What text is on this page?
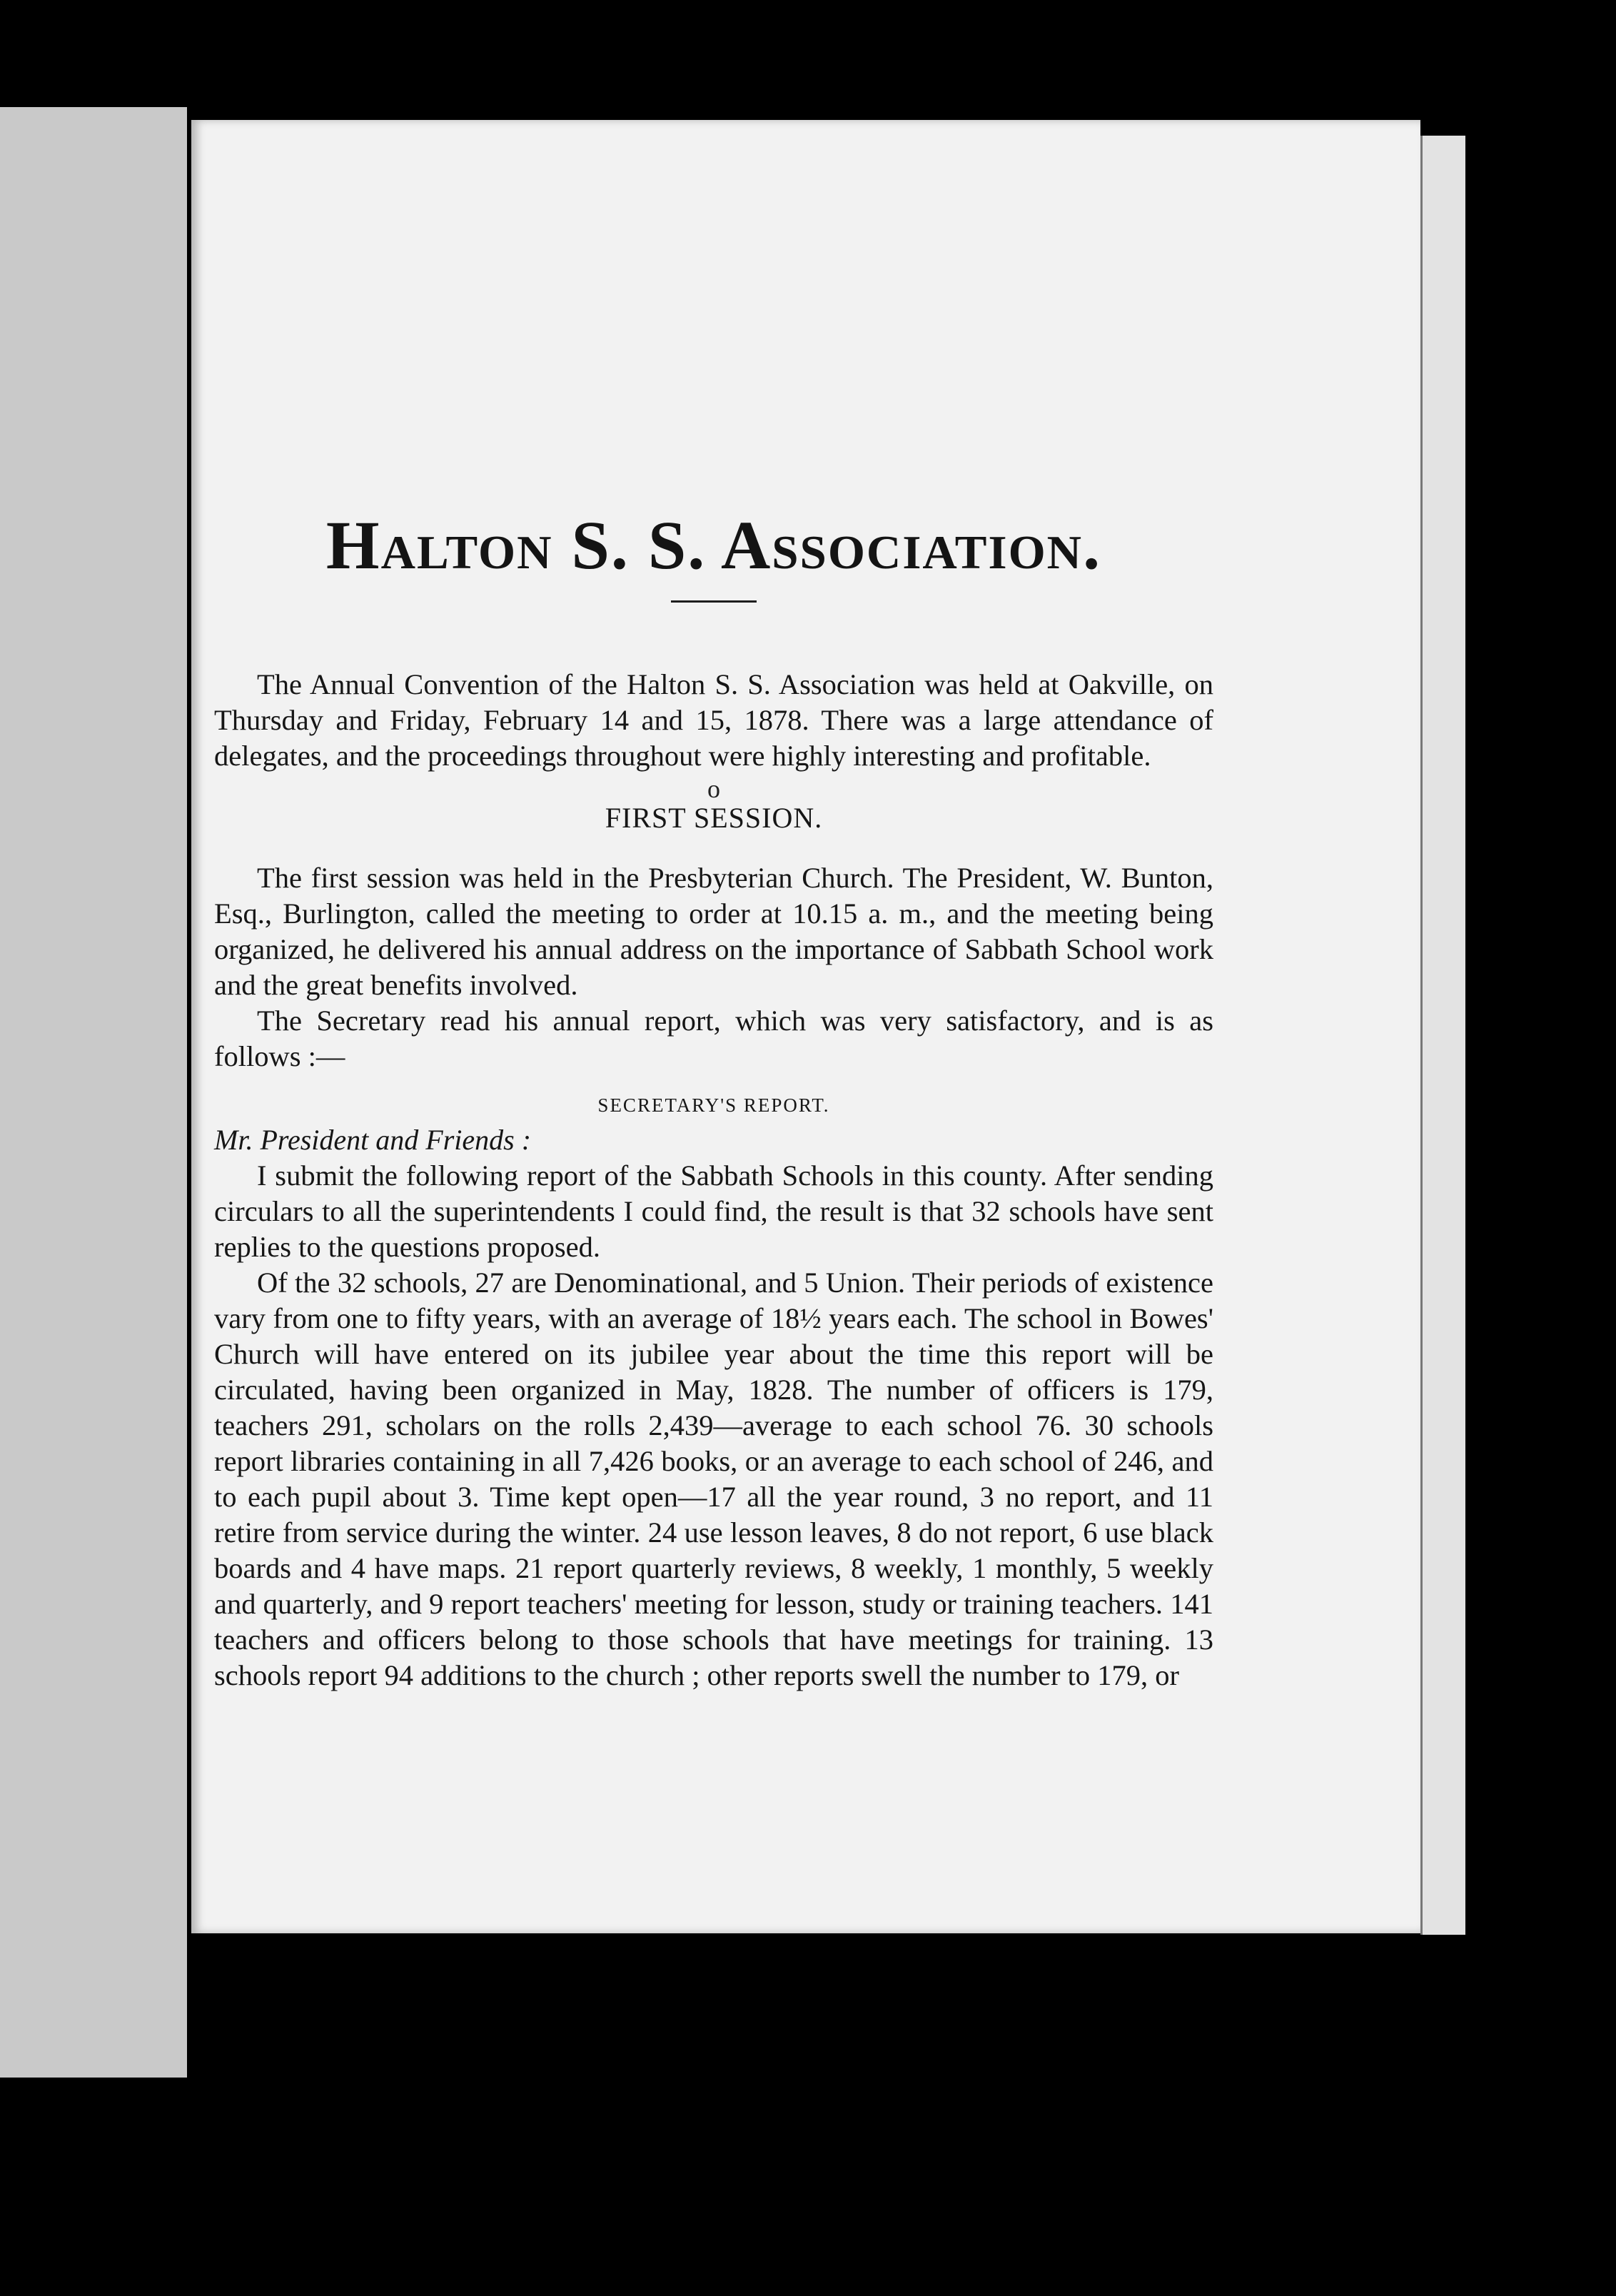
Halton S. S. Association.

The Annual Convention of the Halton S. S. Association was held at Oakville, on Thursday and Friday, February 14 and 15, 1878. There was a large attendance of delegates, and the proceedings throughout were highly interesting and profitable.

o
FIRST SESSION.

The first session was held in the Presbyterian Church. The President, W. Bunton, Esq., Burlington, called the meeting to order at 10.15 a. m., and the meeting being organized, he delivered his annual address on the importance of Sabbath School work and the great benefits involved.

The Secretary read his annual report, which was very satisfactory, and is as follows :—

SECRETARY'S REPORT.

Mr. President and Friends :

I submit the following report of the Sabbath Schools in this county. After sending circulars to all the superintendents I could find, the result is that 32 schools have sent replies to the questions proposed.

Of the 32 schools, 27 are Denominational, and 5 Union. Their periods of existence vary from one to fifty years, with an average of 18½ years each. The school in Bowes' Church will have entered on its jubilee year about the time this report will be circulated, having been organized in May, 1828. The number of officers is 179, teachers 291, scholars on the rolls 2,439—average to each school 76. 30 schools report libraries containing in all 7,426 books, or an average to each school of 246, and to each pupil about 3. Time kept open—17 all the year round, 3 no report, and 11 retire from service during the winter. 24 use lesson leaves, 8 do not report, 6 use black boards and 4 have maps. 21 report quarterly reviews, 8 weekly, 1 monthly, 5 weekly and quarterly, and 9 report teachers' meeting for lesson, study or training teachers. 141 teachers and officers belong to those schools that have meetings for training. 13 schools report 94 additions to the church ; other reports swell the number to 179, or
